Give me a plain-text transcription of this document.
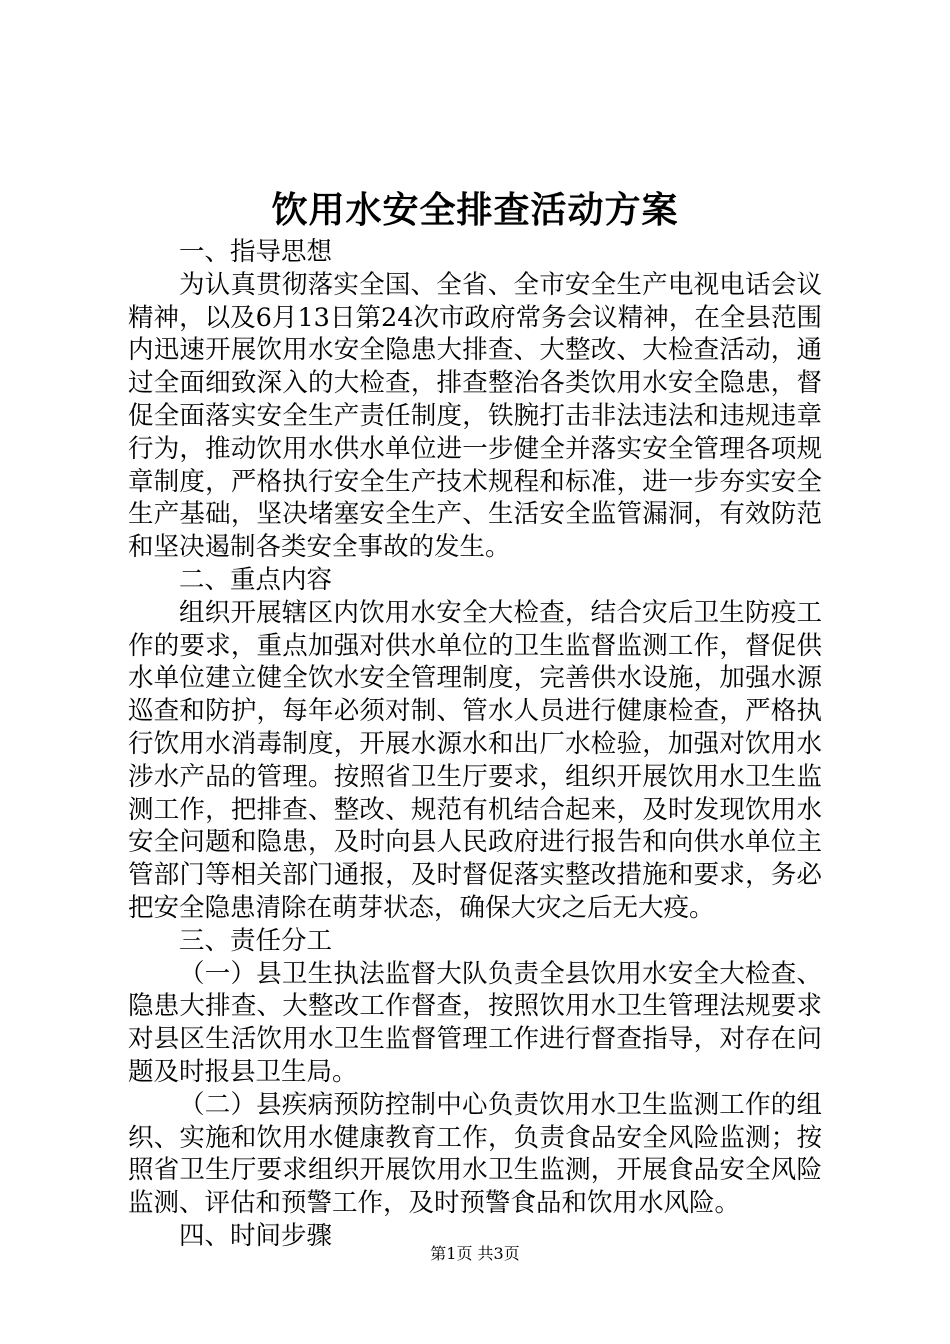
饮用水安全排查活动方案

一、指导思想

为认真贯彻落实全国、全省、全市安全生产电视电话会议精神，以及6月13日第24次市政府常务会议精神，在全县范围内迅速开展饮用水安全隐患大排查、大整改、大检查活动，通过全面细致深入的大检查，排查整治各类饮用水安全隐患，督促全面落实安全生产责任制度，铁腕打击非法违法和违规违章行为，推动饮用水供水单位进一步健全并落实安全管理各项规章制度，严格执行安全生产技术规程和标准，进一步夯实安全生产基础，坚决堵塞安全生产、生活安全监管漏洞，有效防范和坚决遏制各类安全事故的发生。

二、重点内容

组织开展辖区内饮用水安全大检查，结合灾后卫生防疫工作的要求，重点加强对供水单位的卫生监督监测工作，督促供水单位建立健全饮水安全管理制度，完善供水设施，加强水源巡查和防护，每年必须对制、管水人员进行健康检查，严格执行饮用水消毒制度，开展水源水和出厂水检验，加强对饮用水涉水产品的管理。按照省卫生厅要求，组织开展饮用水卫生监测工作，把排查、整改、规范有机结合起来，及时发现饮用水安全问题和隐患，及时向县人民政府进行报告和向供水单位主管部门等相关部门通报，及时督促落实整改措施和要求，务必把安全隐患清除在萌芽状态，确保大灾之后无大疫。

三、责任分工

（一）县卫生执法监督大队负责全县饮用水安全大检查、隐患大排查、大整改工作督查，按照饮用水卫生管理法规要求对县区生活饮用水卫生监督管理工作进行督查指导，对存在问题及时报县卫生局。

（二）县疾病预防控制中心负责饮用水卫生监测工作的组织、实施和饮用水健康教育工作，负责食品安全风险监测；按照省卫生厅要求组织开展饮用水卫生监测，开展食品安全风险监测、评估和预警工作，及时预警食品和饮用水风险。

四、时间步骤

第1页 共3页
